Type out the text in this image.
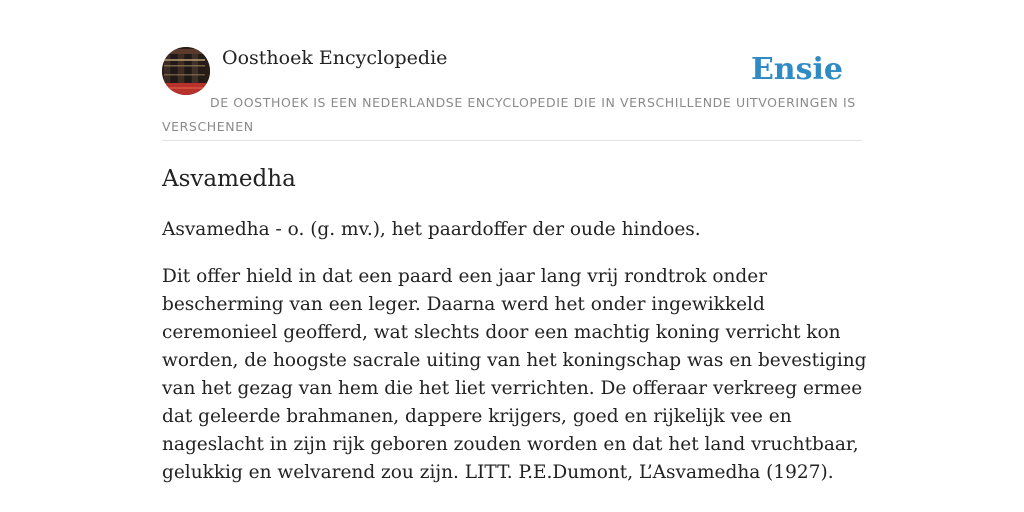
Oosthoek Encyclopedie	Ensie
DE OOSTHOEK IS EEN NEDERLANDSE ENCYCLOPEDIE DIE IN VERSCHILLENDE UITVOERINGEN IS VERSCHENEN
Asvamedha

Asvamedha - o. (g. mv.), het paardoffer der oude hindoes.

Dit offer hield in dat een paard een jaar lang vrij rondtrok onder bescherming van een leger. Daarna werd het onder ingewikkeld ceremonieel geofferd, wat slechts door een machtig koning verricht kon worden, de hoogste sacrale uiting van het koningschap was en bevestiging van het gezag van hem die het liet verrichten. De offeraar verkreeg ermee dat geleerde brahmanen, dappere krijgers, goed en rijkelijk vee en nageslacht in zijn rijk geboren zouden worden en dat het land vruchtbaar, gelukkig en welvarend zou zijn. LITT. P.E.Dumont, L’Asvamedha (1927).
